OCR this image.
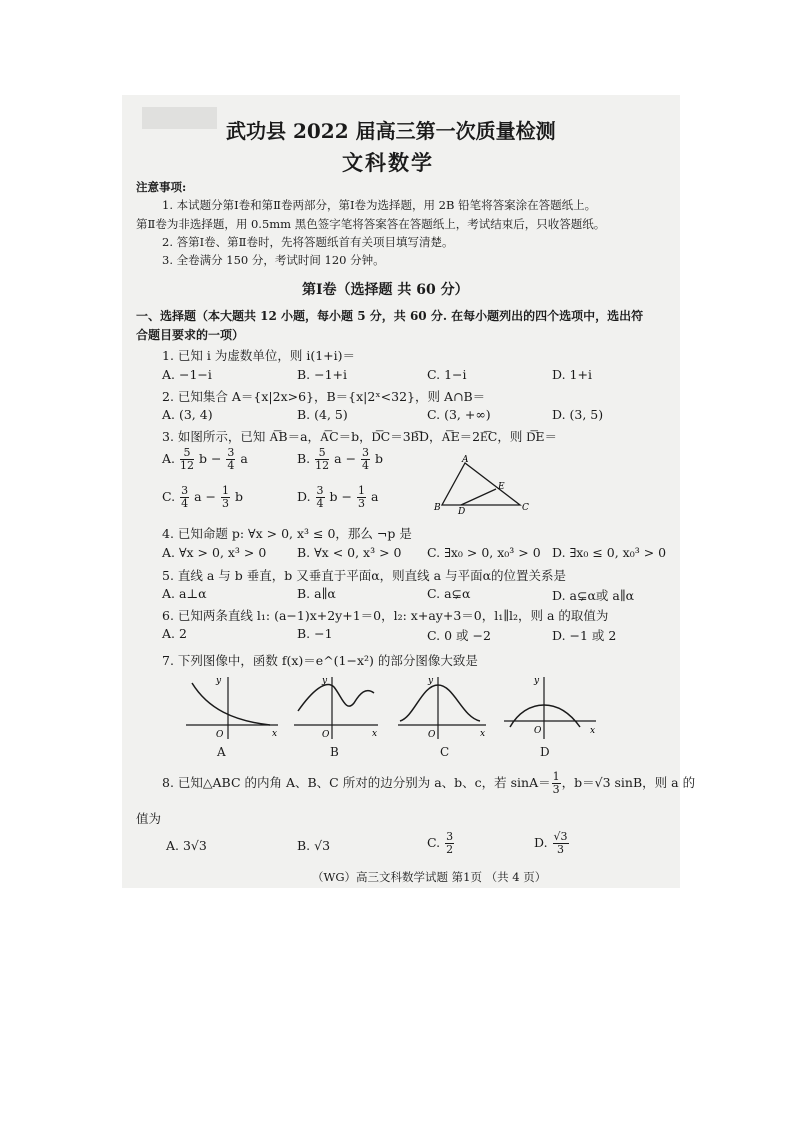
武功县 2022 届高三第一次质量检测
文科数学
注意事项:
1. 本试题分第Ⅰ卷和第Ⅱ卷两部分，第Ⅰ卷为选择题，用 2B 铅笔将答案涂在答题纸上。
第Ⅱ卷为非选择题，用 0.5mm 黑色签字笔将答案答在答题纸上，考试结束后，只收答题纸。
2. 答第Ⅰ卷、第Ⅱ卷时，先将答题纸首有关项目填写清楚。
3. 全卷满分 150 分，考试时间 120 分钟。
第Ⅰ卷（选择题 共 60 分）
一、选择题（本大题共 12 小题，每小题 5 分，共 60 分. 在每小题列出的四个选项中，选出符
合题目要求的一项）
1. 已知 i 为虚数单位，则 i(1+i)＝
A. −1−i	B. −1+i	C. 1−i	D. 1+i
2. 已知集合 A＝{x|2x>6}，B＝{x|2ˣ<32}，则 A∩B＝
A. (3, 4)	B. (4, 5)	C. (3, +∞)	D. (3, 5)
3. 如图所示，已知 A͞B＝a，A͞C＝b，D͞C＝3B͞D，A͞E＝2E͞C，则 D͞E＝
A. $\frac{5}{12}$ $b - \frac{3}{4}$ a	B. $\frac{5}{12}$ $a - \frac{3}{4}$ b
C. $\frac{3}{4}$ $a - \frac{1}{3}$ b	D. $\frac{3}{4}$ $b - \frac{1}{3}$ a
A
B D	C
E
4. 已知命题 p: ∀x > 0, x³ ≤ 0，那么 ¬p 是
A. ∀x > 0, x³ > 0 B. ∀x < 0, x³ > 0 C. ∃x₀ > 0, x₀³ > 0 D. ∃x₀ ≤ 0, x₀³ > 0
5. 直线 a 与 b 垂直，b 又垂直于平面α，则直线 a 与平面α的位置关系是
A. a⊥α	B. a∥α	C. a⊊α	D. a⊊α或 a∥α
6. 已知两条直线 l₁: (a−1)x+2y+1＝0，l₂: x+ay+3＝0，l₁∥l₂，则 a 的取值为
A. 2	B. −1	C. 0 或 −2	D. −1 或 2
7. 下列图像中，函数 f(x)＝e^(1−x²) 的部分图像大致是
y
x
O
A
y
x
O
B
y
x
O
C
y
x
O
D
8. 已知△ABC 的内角 A、B、C 所对的边分别为 a、b、c，若 $\sin A= \frac{1}{3}$ ，b＝√3 sinB，则 a 的
值为
A. 3√3	B. √3	C. $\frac{3}{2}$	D. $\frac{√3}{3}$
（WG）高三文科数学试题 第1页 （共 4 页）
